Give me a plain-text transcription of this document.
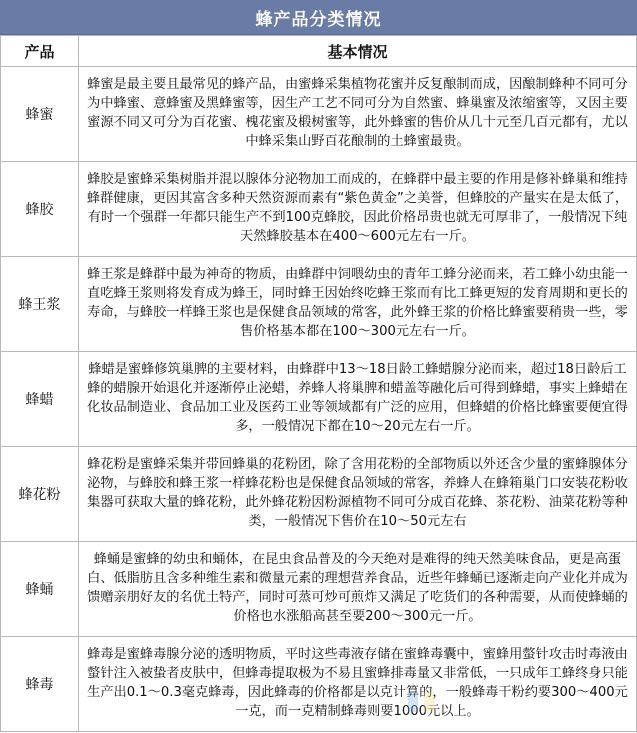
蜂产品分类情况
产品	基本情况
蜂蜜	蜂蜜是最主要且最常见的蜂产品，由蜜蜂采集植物花蜜并反复酿制而成，因酿制蜂种不同可分为中蜂蜜、意蜂蜜及黑蜂蜜等，因生产工艺不同可分为自然蜜、蜂巢蜜及浓缩蜜等，又因主要蜜源不同又可分为百花蜜、槐花蜜及椴树蜜等，此外蜂蜜的售价从几十元至几百元都有，尤以中蜂采集山野百花酿制的土蜂蜜最贵。
蜂胶	蜂胶是蜜蜂采集树脂并混以腺体分泌物加工而成的，在蜂群中最主要的作用是修补蜂巢和维持蜂群健康，更因其富含多种天然资源而素有“紫色黄金”之美誉，但蜂胶的产量实在是太低了，有时一个强群一年都只能生产不到100克蜂胶，因此价格昂贵也就无可厚非了，一般情况下纯天然蜂胶基本在400～600元左右一斤。
蜂王浆	蜂王浆是蜂群中最为神奇的物质，由蜂群中饲喂幼虫的青年工蜂分泌而来，若工蜂小幼虫能一直吃蜂王浆则将发育成为蜂王，同时蜂王因始终吃蜂王浆而有比工蜂更短的发育周期和更长的寿命，与蜂胶一样蜂王浆也是保健食品领域的常客，此外蜂王浆的价格比蜂蜜要稍贵一些，零售价格基本都在100～300元左右一斤。
蜂蜡	蜂蜡是蜜蜂修筑巢脾的主要材料，由蜂群中13～18日龄工蜂蜡腺分泌而来，超过18日龄后工蜂的蜡腺开始退化并逐渐停止泌蜡，养蜂人将巢脾和蜡盖等融化后可得到蜂蜡，事实上蜂蜡在化妆品制造业、食品加工业及医药工业等领域都有广泛的应用，但蜂蜡的价格比蜂蜜要便宜得多，一般情况下都在10～20元左右一斤。
蜂花粉	蜂花粉是蜜蜂采集并带回蜂巢的花粉团，除了含用花粉的全部物质以外还含少量的蜜蜂腺体分泌物，与蜂胶和蜂王浆一样蜂花粉也是保健食品领域的常客，养蜂人在蜂箱巢门口安装花粉收集器可获取大量的蜂花粉，此外蜂花粉因粉源植物不同可分成百花蜂、茶花粉、油菜花粉等种类，一般情况下售价在10～50元左右
蜂蛹	蜂蛹是蜜蜂的幼虫和蛹体，在昆虫食品普及的今天绝对是难得的纯天然美味食品，更是高蛋白、低脂肪且含多种维生素和微量元素的理想营养食品，近些年蜂蛹已逐渐走向产业化并成为馈赠亲朋好友的名优土特产，同时可蒸可炒可煎炸又满足了吃货们的各种需要，从而使蜂蛹的价格也水涨船高甚至要200～300元一斤。
蜂毒	蜂毒是蜜蜂毒腺分泌的透明物质，平时这些毒液存储在蜜蜂毒囊中，蜜蜂用螫针攻击时毒液由螫针注入被蛰者皮肤中，但蜂毒提取极为不易且蜜蜂排毒量又非常低，一只成年工蜂终身只能生产出0.1～0.3毫克蜂毒，因此蜂毒的价格都是以克计算的，一般蜂毒干粉约要300～400元一克，而一克精制蜂毒则要1000元以上。
